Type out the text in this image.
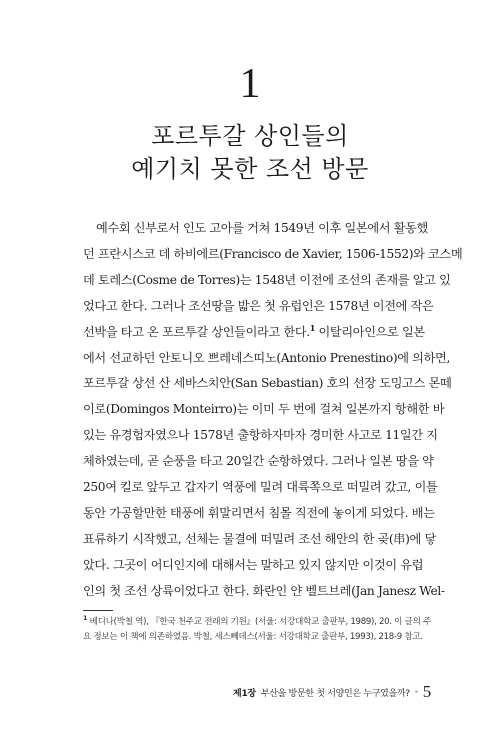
1
포르투갈 상인들의
예기치 못한 조선 방문
예수회 신부로서 인도 고아를 거쳐 1549년 이후 일본에서 활동했
던 프란시스코 데 하비에르(Francisco de Xavier, 1506-1552)와 코스메
데 토레스(Cosme de Torres)는 1548년 이전에 조선의 존재를 알고 있
었다고 한다. 그러나 조선땅을 밟은 첫 유럽인은 1578년 이전에 작은
선박을 타고 온 포르투갈 상인들이라고 한다.$^1$ 이탈리아인으로 일본
에서 선교하던 안토니오 쁘레네스띠노(Antonio Prenestino)에 의하면,
포르투갈 상선 산 세바스치안(San Sebastian) 호의 선장 도밍고스 몬떼
이로(Domingos Monteirro)는 이미 두 번에 걸쳐 일본까지 항해한 바
있는 유경험자였으나 1578년 출항하자마자 경미한 사고로 11일간 지
체하였는데, 곧 순풍을 타고 20일간 순항하였다. 그러나 일본 땅을 약
250여 킬로 앞두고 갑자기 역풍에 밀려 대륙쪽으로 떠밀려 갔고, 이틀
동안 가공할만한 태풍에 휘말리면서 침몰 직전에 놓이게 되었다. 배는
표류하기 시작했고, 선체는 물결에 떠밀려 조선 해안의 한 곶(串)에 닿
았다. 그곳이 어디인지에 대해서는 말하고 있지 않지만 이것이 유럽
인의 첫 조선 상륙이었다고 한다. 화란인 얀 벨트브레(Jan Janesz Wel-
$^1$ 베디나(박철 역), 『한국 천주교 전래의 기원』(서울: 서강대학교 출판부, 1989), 20. 이 글의 주
요 정보는 이 책에 의존하였음. 박철, 세스뻬데스(서울: 서강대학교 출판부, 1993), 218-9 참고.
제1장 부산을 방문한 첫 서양인은 누구였을까? - 5
